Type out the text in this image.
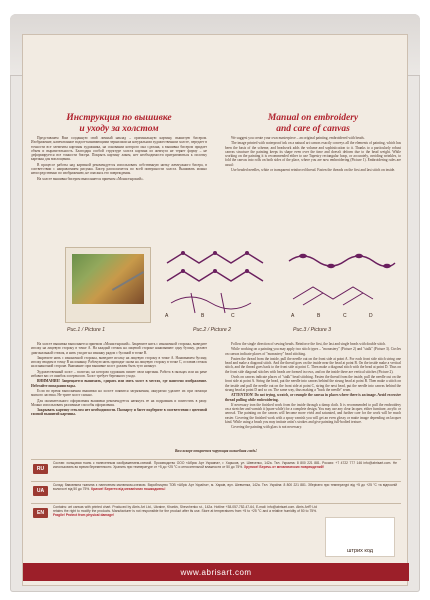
Инструкция по вышивке
и уходу за холстом

Представляем Вам созданную свой личный наклад – оригинальную картину, вышитую бисером. Изображение, напечатанное водоотталкивающими чернилами на натуральном художественном холсте, передает в точности все элементы картины художника, на основании которого она сделана, а вышивка бисером придает объем и выразительность. Благодаря особой структуре холста картина из жемчуга не теряет форму – не деформируется все тонкости бисера. Покрыть картину лаком, нет необходимости притрагиваться к полотну картины для воплощения.

В процессе работы над картиной рекомендуется использовать собственную нитку жемчужного бисера, в соответствии с направлением рисунка. Бисер располагается по всей поверхности холста. Вышивать можно непосредственно по изображению, не опасаясь его повреждения.

На холсте вышивка бисером выполняется приемом «Монастырский».

Manual on embroidery
and care of canvas

We suggest you create your own masterpiece – an original painting, embroidered with beads.

The image printed with waterproof ink on a natural art canvas exactly conveys all the elements of painting, which has been the basis of the scheme, and beadwork adds the volume and sophistication to it. Thanks to a particularly robust canvas structure the painting keeps its shape even over the time and doesn't deform due to the bead weight. While working on the painting it is recommended either to use Tapestry rectangular hoop, or accurately, avoiding wrinkles, to fold the canvas into rolls on both sides of the place, where you are now embroidering (Picture 1). Embroidering rules are usual:

Use beaded needles, white or transparent reinforced thread. Fasten the threads on the first and last stitch on inside.

A	B	C	A	B	C	D
Рис.1 / Picture 1	Рис.2 / Picture 2	Рис.3 / Picture 3

На холсте вышивка выполняется приемом «Монастырский». Закрепите нить с изнаночной стороны, выведите иголку на лицевую сторону в точке А. На каждый стежок на лицевой стороне нанизывают одну бусину, делают диагональный стежок, и нить уходит на изнанку рядом с бусиной в точке В.

Закрепите нить с изнаночной стороны, выведите иголку на лицевую сторону в точке А. Нанизываем бусину, иголку вводим в точку В на изнанку. Рабочую нить проводят снова на лицевую сторону в точке С, оставив стежок на изнаночной стороне. Внимание: при вышивке холст должен быть туго натянут.

Художественный холст – полотно, на котором художник пишет свои картины. Работа в пяльцах или на раме избавит вас от ошибок и перекосов. Холст требует бережного ухода.

ВНИМАНИЕ! Запрещается вынимать, сдирать или мять холст в местах, где нанесено изображение. Избегайте попадания воды.

Если во время выполнения вышивки на холсте появятся загрязнения, аккуратно удалите их при помощи мягкого ластика. Не трите холст сильно.

Для окончательного оформления вышивки рекомендуется натянуть ее на подрамник и поместить в раму. Можно использовать различные способы оформления.

Закрывать картину стеклом нет необходимости. Паспарту и багет подберите в соответствии с цветовой гаммой вышитой картины.

Follow the single direction of sewing beads. Reinforce the first, the last and single beads with double stitch.

While working on a painting you may apply two stitch types – "monastery" (Picture 2) and "stalk" (Picture 3). Circles on canvas indicate places of "monastery" bead stitching.

Fasten the thread from the inside, pull the needle out on the front side at point A. For each front side stitch string one bead and make a diagonal stitch. And the thread goes on the inside near the bead at point B. On the inside make a vertical stitch, and the thread goes back to the front side at point C. Then make a diagonal stitch with the bead at point D. Thus on the front side diagonal stitches with beads are formed in rows, and on the inside there are vertical stitches (Picture 2).

Ovals on canvas indicate places of "stalk" bead stitching. Fasten the thread from the inside, pull the needle out on the front side at point A. String the bead, put the needle into canvas behind the strung bead at point B. Then make a stitch on the inside and pull the needle out on the front side at point C, string the next bead, put the needle into canvas behind the strung bead at point D and so on. The same way, thus making a "back the needle" seam.

ATTENTION! Do not trying, scratch, or crumple the canvas in places where there is an image. Avoid excessive thread pulling while embroidering.

If necessary iron the finished work from the inside through a damp cloth. It is recommended to pull the embroidery on a stretcher and varnish it (spare while) for a complete design. You may use any clear lacquer, either furniture, acrylic or aerosol. The painting on the canvas will become more vivid and saturated, and further care for the work will be much easier. Covering the finished work with a spray varnish you will get an even glossy or matte image depending on lacquer kind. While using a brush you may imitate artist's strokes and give painting full-bodied texture.

Covering the painting with glass is not necessary.

Вам вскоре откроется чарующая волшебная гладь!
RU

Состав: холщовая ткань с нанесенным изображением-схемой. Производство ООО «Абрис Арт Украина», г. Харьков, ул. Шевченко, 142а. Тел. Украина: 8 800 221 881. Россия: +7 4722 777 146 info@abrisart.com. Не использовать во время беременности. Хранить при температуре от +5 до +25 °C и относительной влажности от 50 до 75%. Хрупкое! Беречь от механических повреждений!

UA

Склад: бавовняна тканина з нанесеним малюнком-схемою. Виробництво ТОВ «Абріс Арт Україна», м. Харків, вул. Шевченка, 142а. Тел. Україна: 8 800 221 881. Зберігати при температурі від +5 до +25 °C та відносній вологості від 50 до 75%. Крихке! Берегти від механічних пошкоджень!

EN

Contains: art canvas with printed chart. Produced by Abris Art Ltd., Ukraine, Kharkiv, Shevchenko st., 142a. Hotline +38-057-752-47-64, E-mail: info@abrisart.com. Abris Art® Ltd retains the right to modify the products. Manufacturer is not responsible for the product after its use. Store at temperatures from +5 to +25 °C and a relative humidity of 50 to 75%. Fragile! Protect from physical damage!

штрих код
www.abrisart.com
